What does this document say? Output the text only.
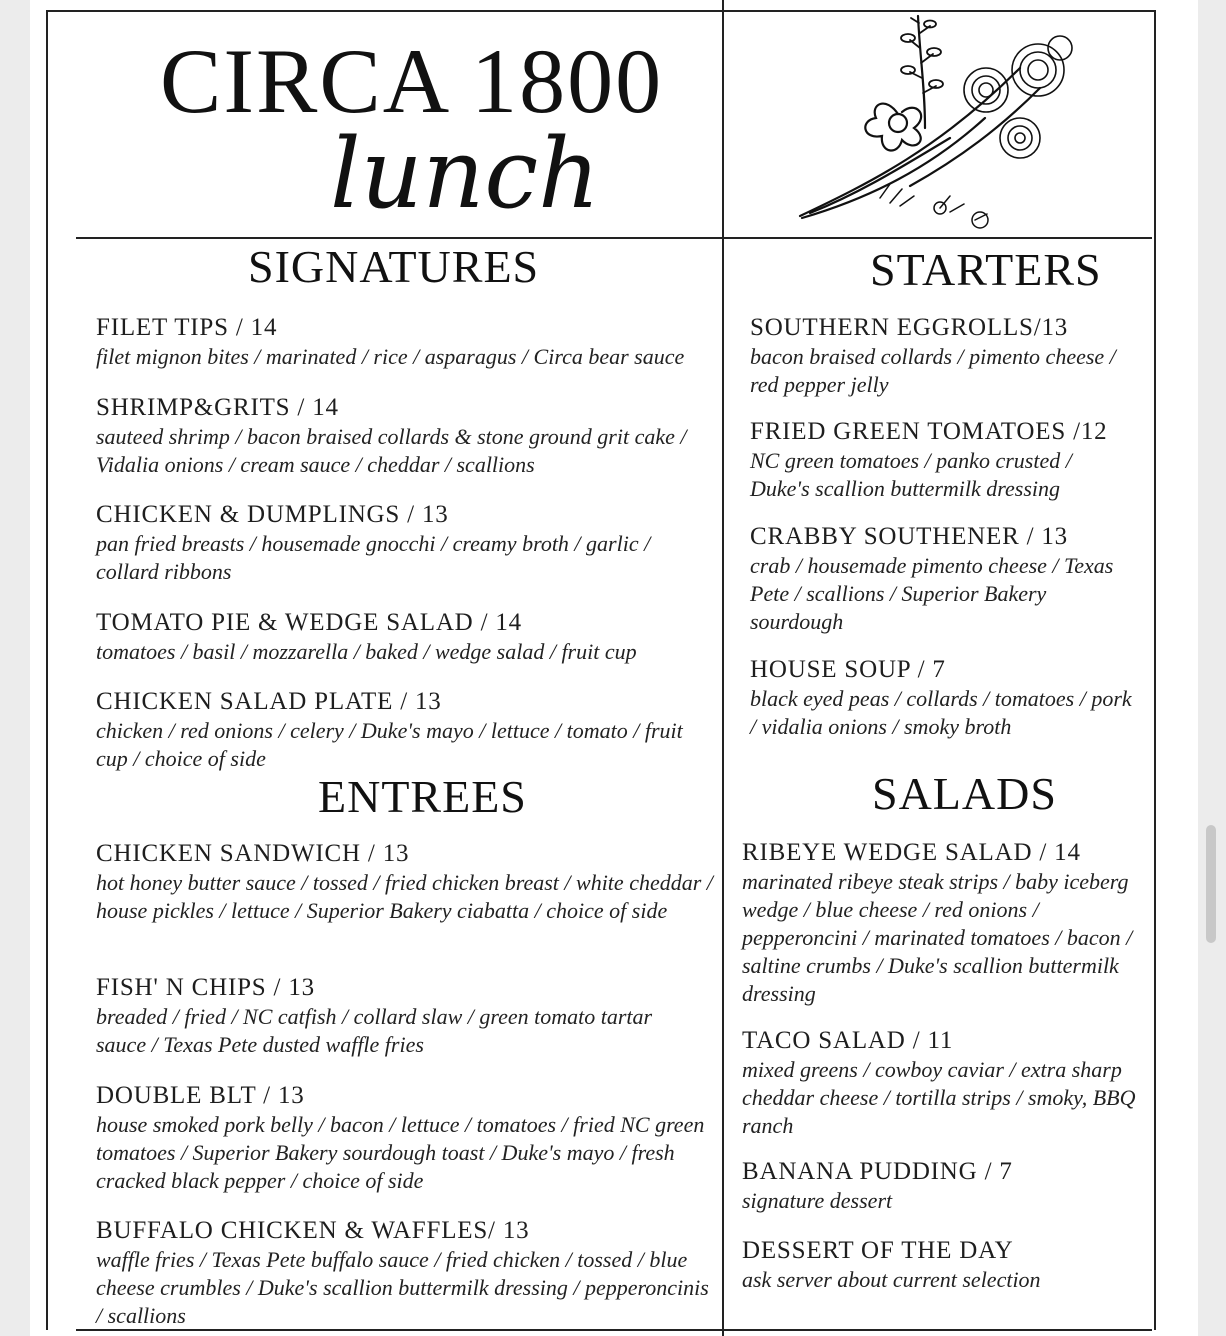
CIRCA 1800
lunch
SIGNATURES
FILET TIPS / 14
filet mignon bites / marinated / rice / asparagus / Circa bear sauce
SHRIMP&GRITS / 14
sauteed shrimp / bacon braised collards & stone ground grit cake / Vidalia onions / cream sauce / cheddar / scallions
CHICKEN & DUMPLINGS / 13
pan fried breasts / housemade gnocchi / creamy broth / garlic / collard ribbons
TOMATO PIE & WEDGE SALAD / 14
tomatoes / basil / mozzarella / baked / wedge salad / fruit cup
CHICKEN SALAD PLATE / 13
chicken / red onions / celery / Duke's mayo / lettuce / tomato / fruit cup / choice of side
ENTREES
CHICKEN SANDWICH / 13
hot honey butter sauce / tossed / fried chicken breast / white cheddar / house pickles / lettuce / Superior Bakery ciabatta / choice of side
FISH' N CHIPS / 13
breaded / fried / NC catfish / collard slaw / green tomato tartar sauce / Texas Pete dusted waffle fries
DOUBLE BLT / 13
house smoked pork belly / bacon / lettuce / tomatoes / fried NC green tomatoes / Superior Bakery sourdough toast / Duke's mayo / fresh cracked black pepper / choice of side
BUFFALO CHICKEN & WAFFLES/ 13
waffle fries / Texas Pete buffalo sauce / fried chicken / tossed / blue cheese crumbles / Duke's scallion buttermilk dressing / pepperoncinis / scallions
STARTERS
SOUTHERN EGGROLLS/13
bacon braised collards / pimento cheese / red pepper jelly
FRIED GREEN TOMATOES /12
NC green tomatoes / panko crusted / Duke's scallion buttermilk dressing
CRABBY SOUTHENER / 13
crab / housemade pimento cheese / Texas Pete / scallions / Superior Bakery sourdough
HOUSE SOUP / 7
black eyed peas / collards / tomatoes / pork / vidalia onions / smoky broth
SALADS
RIBEYE WEDGE SALAD / 14
marinated ribeye steak strips / baby iceberg wedge / blue cheese / red onions / pepperoncini / marinated tomatoes / bacon / saltine crumbs / Duke's scallion buttermilk dressing
TACO SALAD / 11
mixed greens / cowboy caviar / extra sharp cheddar cheese / tortilla strips / smoky, BBQ ranch
BANANA PUDDING / 7
signature dessert
DESSERT OF THE DAY
ask server about current selection
